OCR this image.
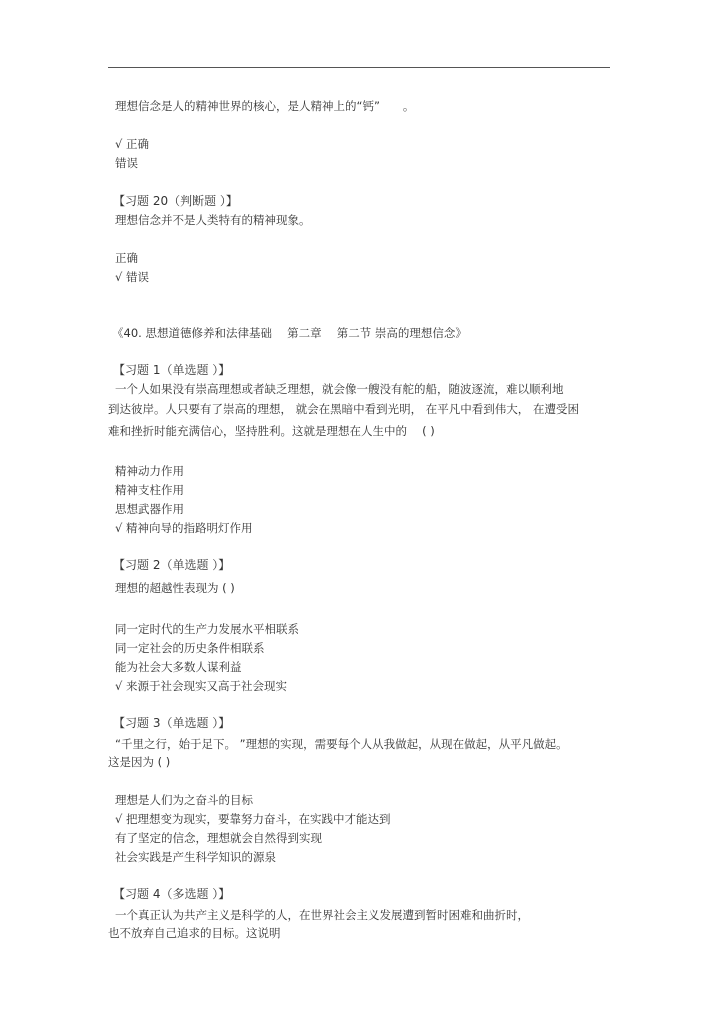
理想信念是人的精神世界的核心，是人精神上的“钙”　　。
√ 正确
错误
【习题 20（判断题 ）】
理想信念并不是人类特有的精神现象。
正确
√ 错误
《40. 思想道德修养和法律基础　 第二章　 第二节 崇高的理想信念》
【习题 1（单选题 ）】
一个人如果没有崇高理想或者缺乏理想，就会像一艘没有舵的船，随波逐流，难以顺利地
到达彼岸。人只要有了崇高的理想， 就会在黑暗中看到光明， 在平凡中看到伟大， 在遭受困
难和挫折时能充满信心，坚持胜利。这就是理想在人生中的　 ( )
精神动力作用
精神支柱作用
思想武器作用
√ 精神向导的指路明灯作用
【习题 2（单选题 ）】
理想的超越性表现为 ( )
同一定时代的生产力发展水平相联系
同一定社会的历史条件相联系
能为社会大多数人谋利益
√ 来源于社会现实又高于社会现实
【习题 3（单选题 ）】
“千里之行，始于足下。 ”理想的实现，需要每个人从我做起，从现在做起，从平凡做起。
这是因为 ( )
理想是人们为之奋斗的目标
√ 把理想变为现实，要靠努力奋斗，在实践中才能达到
有了坚定的信念，理想就会自然得到实现
社会实践是产生科学知识的源泉
【习题 4（多选题 ）】
一个真正认为共产主义是科学的人，在世界社会主义发展遭到暂时困难和曲折时，
也不放弃自己追求的目标。这说明
